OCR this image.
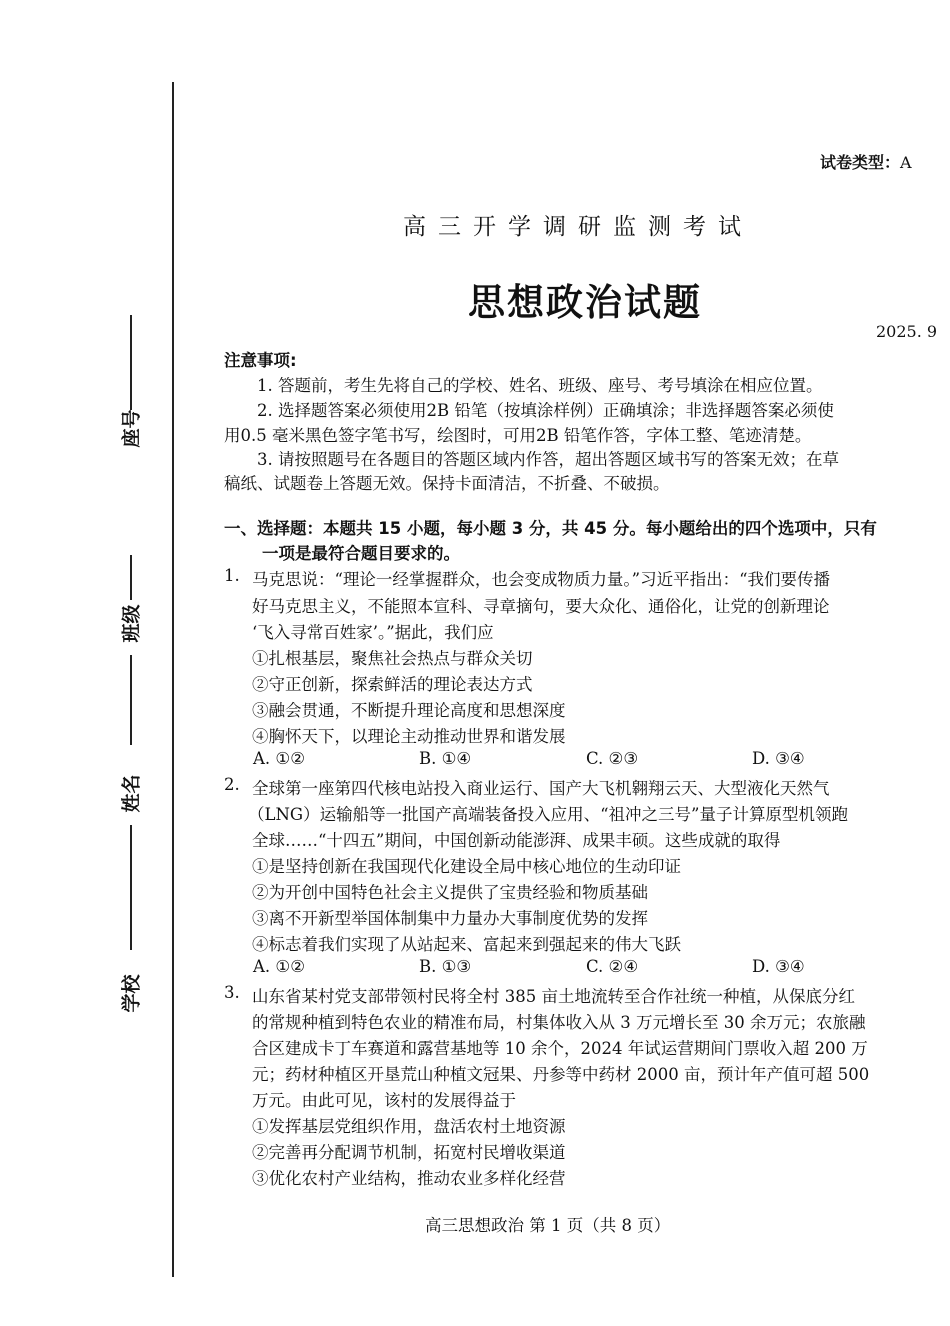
座号
班级
姓名
学校
试卷类型：A
高三开学调研监测考试
思想政治试题
2025. 9
注意事项:
1. 答题前，考生先将自己的学校、姓名、班级、座号、考号填涂在相应位置。
2. 选择题答案必须使用2B 铅笔（按填涂样例）正确填涂；非选择题答案必须使
用0.5 毫米黑色签字笔书写，绘图时，可用2B 铅笔作答，字体工整、笔迹清楚。
3. 请按照题号在各题目的答题区域内作答，超出答题区域书写的答案无效；在草
稿纸、试题卷上答题无效。保持卡面清洁，不折叠、不破损。
一、选择题：本题共 15 小题，每小题 3 分，共 45 分。每小题给出的四个选项中，只有
一项是最符合题目要求的。
1. 马克思说：“理论一经掌握群众，也会变成物质力量。”习近平指出：“我们要传播
好马克思主义，不能照本宣科、寻章摘句，要大众化、通俗化，让党的创新理论
‘飞入寻常百姓家’。”据此，我们应
①扎根基层，聚焦社会热点与群众关切
②守正创新，探索鲜活的理论表达方式
③融会贯通，不断提升理论高度和思想深度
④胸怀天下，以理论主动推动世界和谐发展
A. ①②	B. ①④	C. ②③	D. ③④
2. 全球第一座第四代核电站投入商业运行、国产大飞机翱翔云天、大型液化天然气
（LNG）运输船等一批国产高端装备投入应用、“祖冲之三号”量子计算原型机领跑
全球……“十四五”期间，中国创新动能澎湃、成果丰硕。这些成就的取得
①是坚持创新在我国现代化建设全局中核心地位的生动印证
②为开创中国特色社会主义提供了宝贵经验和物质基础
③离不开新型举国体制集中力量办大事制度优势的发挥
④标志着我们实现了从站起来、富起来到强起来的伟大飞跃
A. ①②	B. ①③	C. ②④	D. ③④
3. 山东省某村党支部带领村民将全村 385 亩土地流转至合作社统一种植，从保底分红
的常规种植到特色农业的精准布局，村集体收入从 3 万元增长至 30 余万元；农旅融
合区建成卡丁车赛道和露营基地等 10 余个，2024 年试运营期间门票收入超 200 万
元；药材种植区开垦荒山种植文冠果、丹参等中药材 2000 亩，预计年产值可超 500
万元。由此可见，该村的发展得益于
①发挥基层党组织作用，盘活农村土地资源
②完善再分配调节机制，拓宽村民增收渠道
③优化农村产业结构，推动农业多样化经营
高三思想政治 第 1 页（共 8 页）
